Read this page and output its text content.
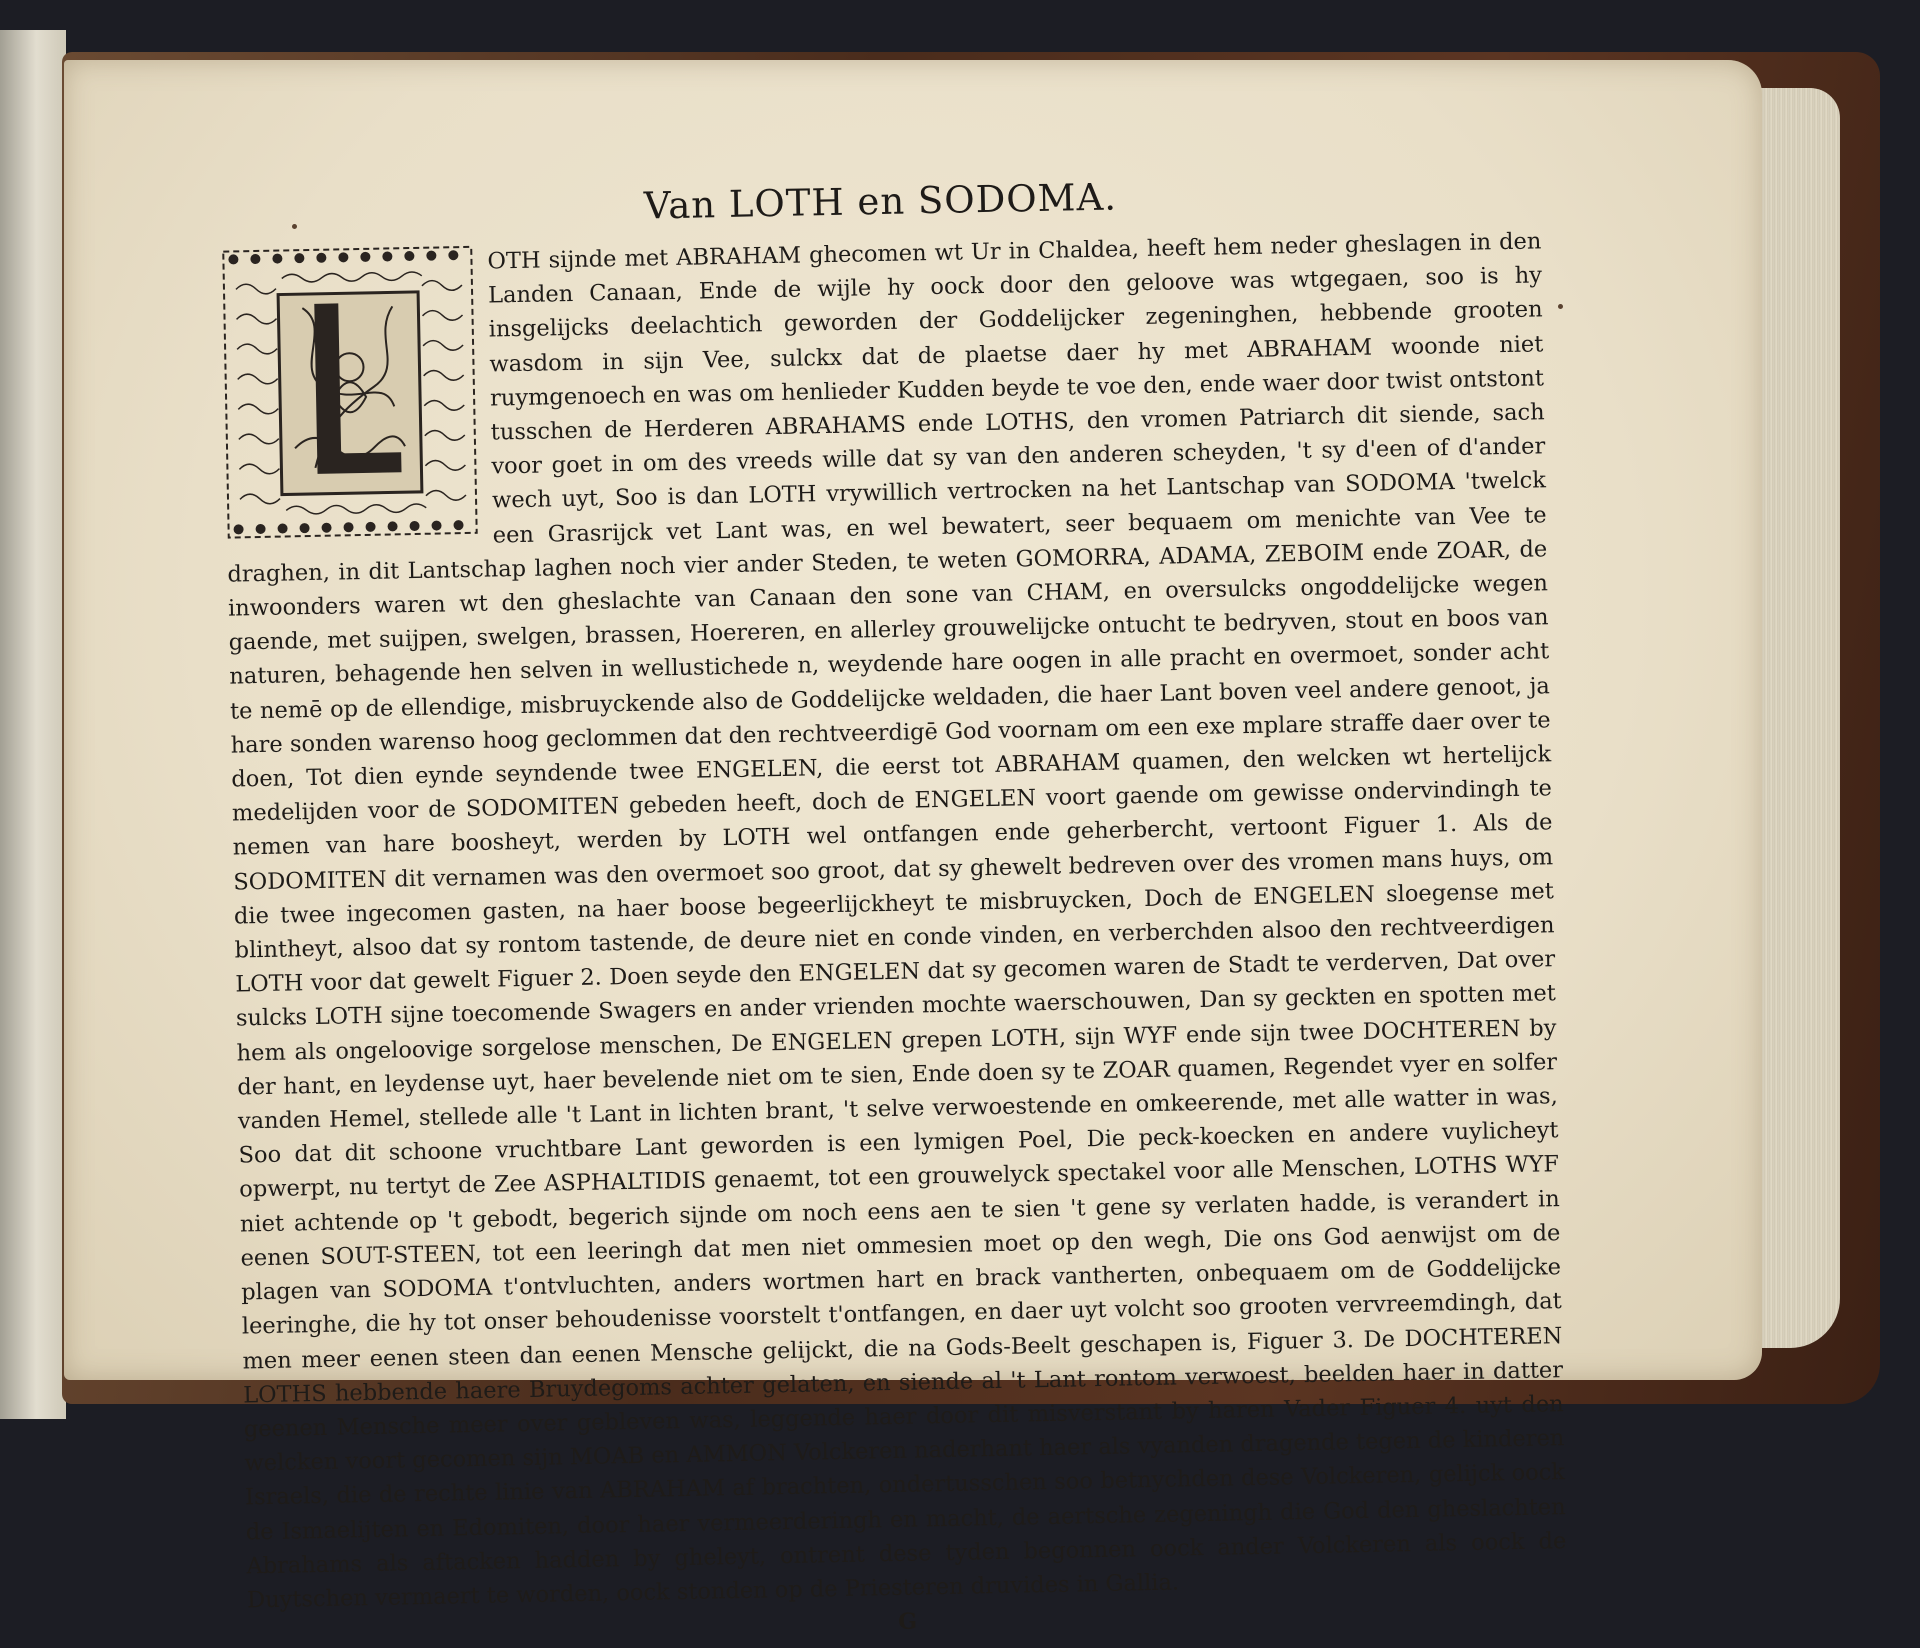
Van LOTH en SODOMA.

OTH sijnde met ABRAHAM ghecomen wt Ur in Chaldea, heeft hem neder gheslagen in den Landen Canaan, Ende de wijle hy oock door den geloove was wtgegaen, soo is hy insgelijcks deelachtich geworden der Goddelijcker zegeninghen, hebbende grooten wasdom in sijn Vee, sulckx dat de plaetse daer hy met ABRAHAM woonde niet ruymgenoech en was om henlieder Kudden beyde te voe den, ende waer door twist ontstont tusschen de Herderen ABRAHAMS ende LOTHS, den vromen Patriarch dit siende, sach voor goet in om des vreeds wille dat sy van den anderen scheyden, 't sy d'een of d'ander wech uyt, Soo is dan LOTH vrywillich vertrocken na het Lantschap van SODOMA 'twelck een Grasrijck vet Lant was, en wel bewatert, seer bequaem om menichte van Vee te draghen, in dit Lantschap laghen noch vier ander Steden, te weten GOMORRA, ADAMA, ZEBOIM ende ZOAR, de inwoonders waren wt den gheslachte van Canaan den sone van CHAM, en oversulcks ongoddelijcke wegen gaende, met suijpen, swelgen, brassen, Hoereren, en allerley grouwelijcke ontucht te bedryven, stout en boos van naturen, behagende hen selven in wellustichede n, weydende hare oogen in alle pracht en overmoet, sonder acht te nemē op de ellendige, misbruyckende also de Goddelijcke weldaden, die haer Lant boven veel andere genoot, ja hare sonden warenso hoog geclommen dat den rechtveerdigē God voornam om een exe mplare straffe daer over te doen, Tot dien eynde seyndende twee ENGELEN, die eerst tot ABRAHAM quamen, den welcken wt hertelijck medelijden voor de SODOMITEN gebeden heeft, doch de ENGELEN voort gaende om gewisse ondervindingh te nemen van hare boosheyt, werden by LOTH wel ontfangen ende geherbercht, vertoont Figuer 1. Als de SODOMITEN dit vernamen was den overmoet soo groot, dat sy ghewelt bedreven over des vromen mans huys, om die twee ingecomen gasten, na haer boose begeerlijckheyt te misbruycken, Doch de ENGELEN sloegense met blintheyt, alsoo dat sy rontom tastende, de deure niet en conde vinden, en verberchden alsoo den rechtveerdigen LOTH voor dat gewelt Figuer 2. Doen seyde den ENGELEN dat sy gecomen waren de Stadt te verderven, Dat over sulcks LOTH sijne toecomende Swagers en ander vrienden mochte waerschouwen, Dan sy geckten en spotten met hem als ongeloovige sorgelose menschen, De ENGELEN grepen LOTH, sijn WYF ende sijn twee DOCHTEREN by der hant, en leydense uyt, haer bevelende niet om te sien, Ende doen sy te ZOAR quamen, Regendet vyer en solfer vanden Hemel, stellede alle 't Lant in lichten brant, 't selve verwoestende en omkeerende, met alle watter in was, Soo dat dit schoone vruchtbare Lant geworden is een lymigen Poel, Die peck-koecken en andere vuylicheyt opwerpt, nu tertyt de Zee ASPHALTIDIS genaemt, tot een grouwelyck spectakel voor alle Menschen, LOTHS WYF niet achtende op 't gebodt, begerich sijnde om noch eens aen te sien 't gene sy verlaten hadde, is verandert in eenen SOUT-STEEN, tot een leeringh dat men niet ommesien moet op den wegh, Die ons God aenwijst om de plagen van SODOMA t'ontvluchten, anders wortmen hart en brack vantherten, onbequaem om de Goddelijcke leeringhe, die hy tot onser behoudenisse voorstelt t'ontfangen, en daer uyt volcht soo grooten vervreemdingh, dat men meer eenen steen dan eenen Mensche gelijckt, die na Gods-Beelt geschapen is, Figuer 3. De DOCHTEREN LOTHS hebbende haere Bruydegoms achter gelaten, en siende al 't Lant rontom verwoest, beelden haer in datter geenen Mensche meer over gebleven was, leggende haer door dit misverstant by haren Vader Figuer 4. uyt den welcken voort gecomen sijn MOAB en AMMON Volckeren naderhant haer als vyanden dragende tegen de kinderen Israels, die de rechte linie van ABRAHAM af brachten, ondertusschen soo betnychden dese Volckeren, gelijck oock de Ismaelijten en Edomiten, door haer vermeerderingh en macht, de aertsche zegeningh die God den gheslachten Abrahams als aftacken hadden by gheleyt, ontrent dese tyden begonnen oock ander Volckeren als oock de Duytschen vermaert te worden, oock stonden op de Priesteren druvides in Gallia.

G
